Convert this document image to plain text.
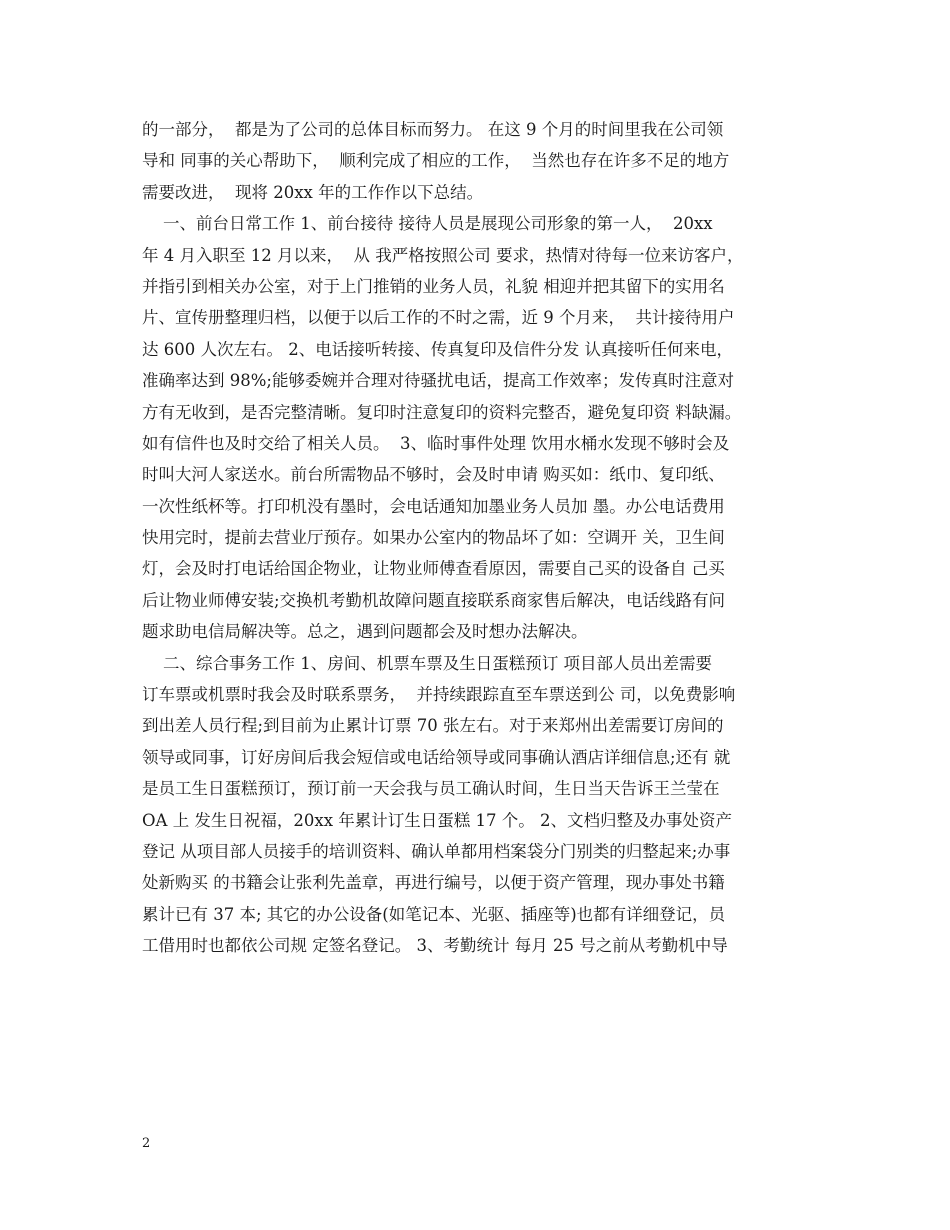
的一部分，  都是为了公司的总体目标而努力。 在这 9 个月的时间里我在公司领
导和 同事的关心帮助下，  顺利完成了相应的工作，  当然也存在许多不足的地方
需要改进，  现将 20xx 年的工作作以下总结。
一、前台日常工作 1、前台接待 接待人员是展现公司形象的第一人，  20xx
年 4 月入职至 12 月以来，  从 我严格按照公司 要求，热情对待每一位来访客户，
并指引到相关办公室，对于上门推销的业务人员，礼貌 相迎并把其留下的实用名
片、宣传册整理归档，以便于以后工作的不时之需，近 9 个月来，  共计接待用户
达 600 人次左右。 2、电话接听转接、传真复印及信件分发 认真接听任何来电，
准确率达到 98%;能够委婉并合理对待骚扰电话，提高工作效率；发传真时注意对
方有无收到，是否完整清晰。复印时注意复印的资料完整否，避免复印资 料缺漏。
如有信件也及时交给了相关人员。  3、临时事件处理 饮用水桶水发现不够时会及
时叫大河人家送水。前台所需物品不够时，会及时申请 购买如：纸巾、复印纸、
一次性纸杯等。打印机没有墨时，会电话通知加墨业务人员加 墨。办公电话费用
快用完时，提前去营业厅预存。如果办公室内的物品坏了如：空调开 关，卫生间
灯，会及时打电话给国企物业，让物业师傅查看原因，需要自己买的设备自 己买
后让物业师傅安装;交换机考勤机故障问题直接联系商家售后解决，电话线路有问
题求助电信局解决等。总之，遇到问题都会及时想办法解决。
二、综合事务工作 1、房间、机票车票及生日蛋糕预订 项目部人员出差需要
订车票或机票时我会及时联系票务，  并持续跟踪直至车票送到公 司，以免费影响
到出差人员行程;到目前为止累计订票 70 张左右。对于来郑州出差需要订房间的
领导或同事，订好房间后我会短信或电话给领导或同事确认酒店详细信息;还有 就
是员工生日蛋糕预订，预订前一天会我与员工确认时间，生日当天告诉王兰莹在
OA 上 发生日祝福，20xx 年累计订生日蛋糕 17 个。 2、文档归整及办事处资产
登记 从项目部人员接手的培训资料、确认单都用档案袋分门别类的归整起来;办事
处新购买 的书籍会让张利先盖章，再进行编号，以便于资产管理，现办事处书籍
累计已有 37 本; 其它的办公设备(如笔记本、光驱、插座等)也都有详细登记，员
工借用时也都依公司规 定签名登记。 3、考勤统计 每月 25 号之前从考勤机中导
2
